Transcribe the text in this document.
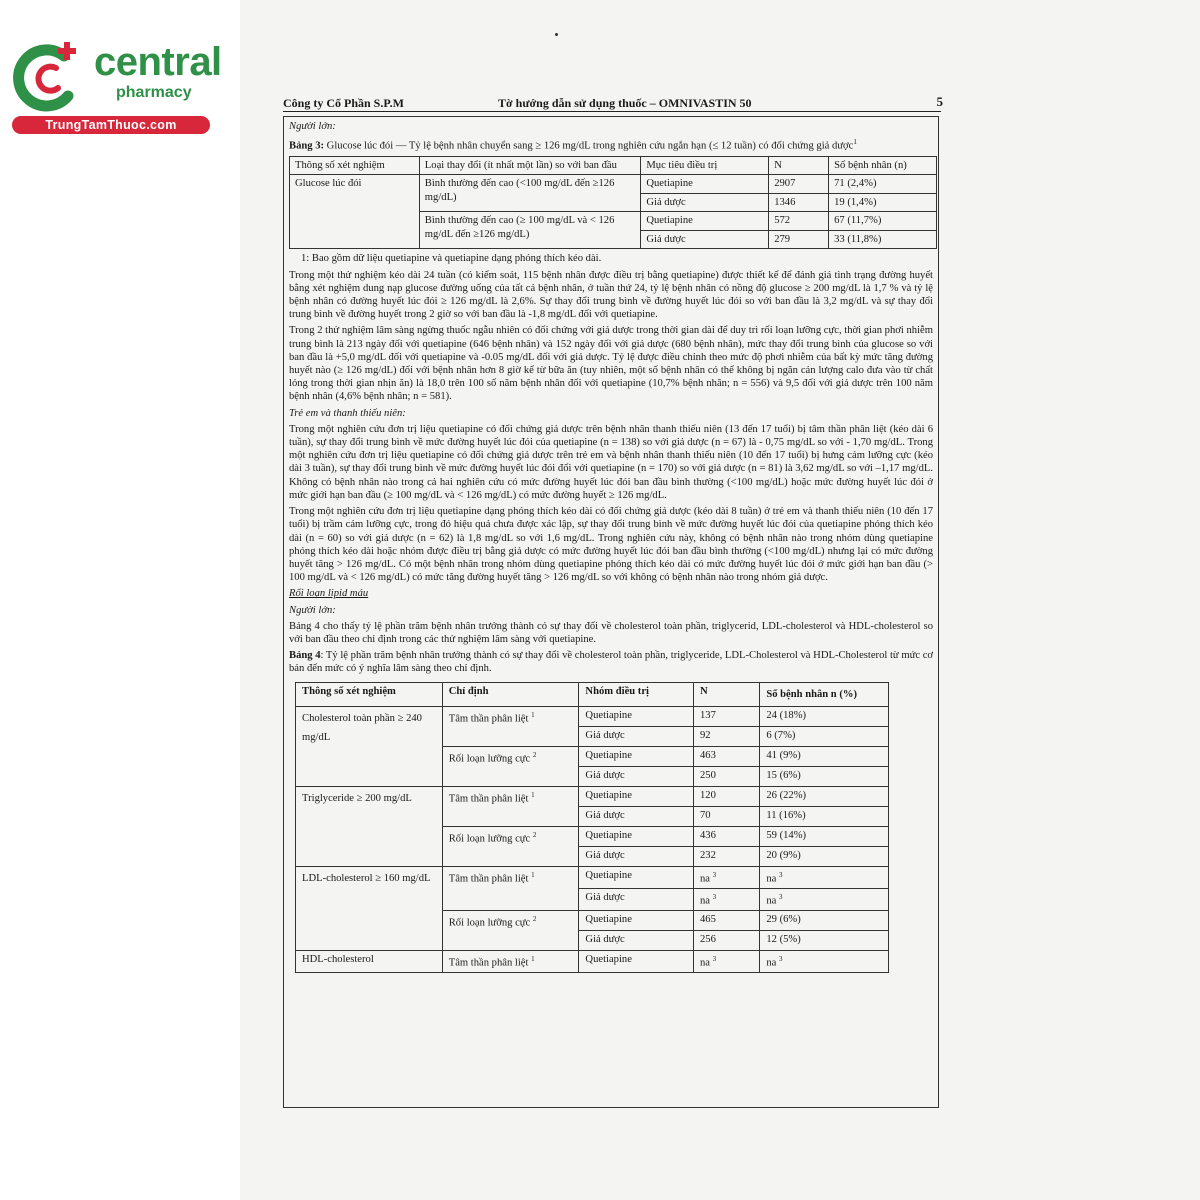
central
pharmacy
TrungTamThuoc.com
Công ty Cổ Phần S.P.M	Tờ hướng dẫn sử dụng thuốc – OMNIVASTIN 50	5

Người lớn:

Bảng 3: Glucose lúc đói — Tỷ lệ bệnh nhân chuyển sang ≥ 126 mg/dL trong nghiên cứu ngắn hạn (≤ 12 tuần) có đối chứng giả dược$^1$

Thông số xét nghiệm	Loại thay đổi (ít nhất một lần) so với ban đầu	Mục tiêu điều trị	N	Số bệnh nhân (n)
Glucose lúc đói	Bình thường đến cao (<100 mg/dL đến ≥126 mg/dL)	Quetiapine	2907	71 (2,4%)
		Giả dược	1346	19 (1,4%)
	Bình thường đến cao (≥ 100 mg/dL và < 126 mg/dL đến ≥126 mg/dL)	Quetiapine	572	67 (11,7%)
		Giả dược	279	33 (11,8%)

1: Bao gồm dữ liệu quetiapine và quetiapine dạng phóng thích kéo dài.

Trong một thử nghiệm kéo dài 24 tuần (có kiểm soát, 115 bệnh nhân được điều trị bằng quetiapine) được thiết kế để đánh giá tình trạng đường huyết bằng xét nghiệm dung nạp glucose đường uống của tất cả bệnh nhân, ở tuần thứ 24, tỷ lệ bệnh nhân có nồng độ glucose ≥ 200 mg/dL là 1,7 % và tỷ lệ bệnh nhân có đường huyết lúc đói ≥ 126 mg/dL là 2,6%. Sự thay đổi trung bình về đường huyết lúc đói so với ban đầu là 3,2 mg/dL và sự thay đổi trung bình về đường huyết trong 2 giờ so với ban đầu là -1,8 mg/dL đối với quetiapine.

Trong 2 thử nghiệm lâm sàng ngừng thuốc ngẫu nhiên có đối chứng với giả dược trong thời gian dài để duy trì rối loạn lưỡng cực, thời gian phơi nhiễm trung bình là 213 ngày đối với quetiapine (646 bệnh nhân) và 152 ngày đối với giả dược (680 bệnh nhân), mức thay đổi trung bình của glucose so với ban đầu là +5,0 mg/dL đối với quetiapine và -0.05 mg/dL đối với giả dược. Tỷ lệ được điều chỉnh theo mức độ phơi nhiễm của bất kỳ mức tăng đường huyết nào (≥ 126 mg/dL) đối với bệnh nhân hơn 8 giờ kể từ bữa ăn (tuy nhiên, một số bệnh nhân có thể không bị ngăn cản lượng calo đưa vào từ chất lỏng trong thời gian nhịn ăn) là 18,0 trên 100 số năm bệnh nhân đối với quetiapine (10,7% bệnh nhân; n = 556) và 9,5 đối với giả dược trên 100 năm bệnh nhân (4,6% bệnh nhân; n = 581).

Trẻ em và thanh thiếu niên:

Trong một nghiên cứu đơn trị liệu quetiapine có đối chứng giả dược trên bệnh nhân thanh thiếu niên (13 đến 17 tuổi) bị tâm thần phân liệt (kéo dài 6 tuần), sự thay đổi trung bình về mức đường huyết lúc đói của quetiapine (n = 138) so với giả dược (n = 67) là - 0,75 mg/dL so với - 1,70 mg/dL. Trong một nghiên cứu đơn trị liệu quetiapine có đối chứng giả dược trên trẻ em và bệnh nhân thanh thiếu niên (10 đến 17 tuổi) bị hưng cảm lưỡng cực (kéo dài 3 tuần), sự thay đổi trung bình về mức đường huyết lúc đói đối với quetiapine (n = 170) so với giả dược (n = 81) là 3,62 mg/dL so với –1,17 mg/dL. Không có bệnh nhân nào trong cả hai nghiên cứu có mức đường huyết lúc đói ban đầu bình thường (<100 mg/dL) hoặc mức đường huyết lúc đói ở mức giới hạn ban đầu (≥ 100 mg/dL và < 126 mg/dL) có mức đường huyết ≥ 126 mg/dL.

Trong một nghiên cứu đơn trị liệu quetiapine dạng phóng thích kéo dài có đối chứng giả dược (kéo dài 8 tuần) ở trẻ em và thanh thiếu niên (10 đến 17 tuổi) bị trầm cảm lưỡng cực, trong đó hiệu quả chưa được xác lập, sự thay đổi trung bình về mức đường huyết lúc đói của quetiapine phóng thích kéo dài (n = 60) so với giả dược (n = 62) là 1,8 mg/dL so với 1,6 mg/dL. Trong nghiên cứu này, không có bệnh nhân nào trong nhóm dùng quetiapine phóng thích kéo dài hoặc nhóm được điều trị bằng giả dược có mức đường huyết lúc đói ban đầu bình thường (<100 mg/dL) nhưng lại có mức đường huyết tăng > 126 mg/dL. Có một bệnh nhân trong nhóm dùng quetiapine phóng thích kéo dài có mức đường huyết lúc đói ở mức giới hạn ban đầu (> 100 mg/dL và < 126 mg/dL) có mức tăng đường huyết tăng > 126 mg/dL so với không có bệnh nhân nào trong nhóm giả dược.

Rối loạn lipid máu

Người lớn:

Bảng 4 cho thấy tỷ lệ phần trăm bệnh nhân trưởng thành có sự thay đổi về cholesterol toàn phần, triglycerid, LDL-cholesterol và HDL-cholesterol so với ban đầu theo chỉ định trong các thử nghiệm lâm sàng với quetiapine.

Bảng 4: Tỷ lệ phần trăm bệnh nhân trưởng thành có sự thay đổi về cholesterol toàn phần, triglyceride, LDL-Cholesterol và HDL-Cholesterol từ mức cơ bản đến mức có ý nghĩa lâm sàng theo chỉ định.

Thông số xét nghiệm	Chỉ định	Nhóm điều trị	N	Số bệnh nhân n (%)
Cholesterol toàn phần ≥ 240 mg/dL	Tâm thần phân liệt $^1$	Quetiapine	137	24 (18%)
		Giả dược	92	6 (7%)
	Rối loạn lưỡng cực $^2$	Quetiapine	463	41 (9%)
		Giả dược	250	15 (6%)
Triglyceride ≥ 200 mg/dL	Tâm thần phân liệt $^1$	Quetiapine	120	26 (22%)
		Giả dược	70	11 (16%)
	Rối loạn lưỡng cực $^2$	Quetiapine	436	59 (14%)
		Giả dược	232	20 (9%)
LDL-cholesterol ≥ 160 mg/dL	Tâm thần phân liệt $^1$	Quetiapine	na $^3$	na $^3$
		Giả dược	na $^3$	na $^3$
	Rối loạn lưỡng cực $^2$	Quetiapine	465	29 (6%)
		Giả dược	256	12 (5%)
HDL-cholesterol	Tâm thần phân liệt $^1$	Quetiapine	na $^3$	na $^3$
